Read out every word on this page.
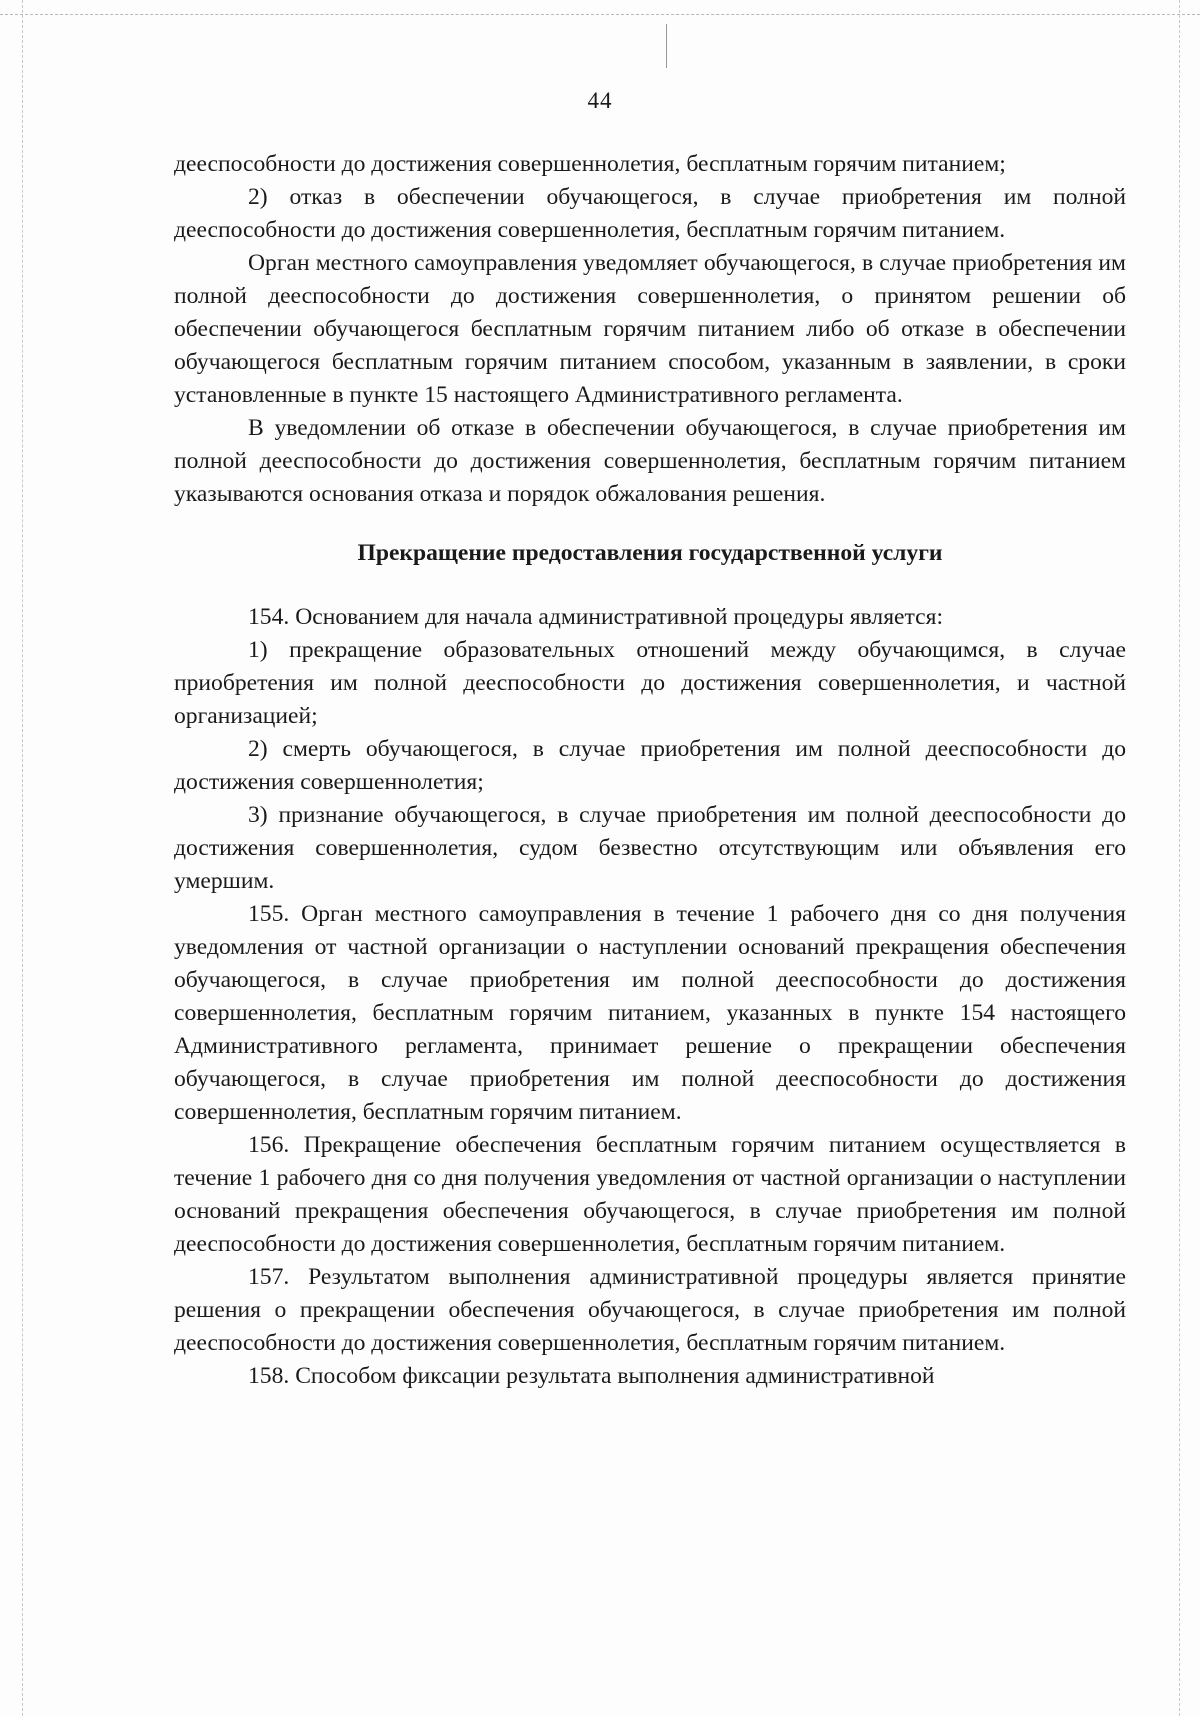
44

дееспособности до достижения совершеннолетия, бесплатным горячим питанием;

2) отказ в обеспечении обучающегося, в случае приобретения им полной дееспособности до достижения совершеннолетия, бесплатным горячим питанием.

Орган местного самоуправления уведомляет обучающегося, в случае приобретения им полной дееспособности до достижения совершеннолетия, о принятом решении об обеспечении обучающегося бесплатным горячим питанием либо об отказе в обеспечении обучающегося бесплатным горячим питанием способом, указанным в заявлении, в сроки установленные в пункте 15 настоящего Административного регламента.

В уведомлении об отказе в обеспечении обучающегося, в случае приобретения им полной дееспособности до достижения совершеннолетия, бесплатным горячим питанием указываются основания отказа и порядок обжалования решения.

Прекращение предоставления государственной услуги

154. Основанием для начала административной процедуры является:

1) прекращение образовательных отношений между обучающимся, в случае приобретения им полной дееспособности до достижения совершеннолетия, и частной организацией;

2) смерть обучающегося, в случае приобретения им полной дееспособности до достижения совершеннолетия;

3) признание обучающегося, в случае приобретения им полной дееспособности до достижения совершеннолетия, судом безвестно отсутствующим или объявления его умершим.

155. Орган местного самоуправления в течение 1 рабочего дня со дня получения уведомления от частной организации о наступлении оснований прекращения обеспечения обучающегося, в случае приобретения им полной дееспособности до достижения совершеннолетия, бесплатным горячим питанием, указанных в пункте 154 настоящего Административного регламента, принимает решение о прекращении обеспечения обучающегося, в случае приобретения им полной дееспособности до достижения совершеннолетия, бесплатным горячим питанием.

156. Прекращение обеспечения бесплатным горячим питанием осуществляется в течение 1 рабочего дня со дня получения уведомления от частной организации о наступлении оснований прекращения обеспечения обучающегося, в случае приобретения им полной дееспособности до достижения совершеннолетия, бесплатным горячим питанием.

157. Результатом выполнения административной процедуры является принятие решения о прекращении обеспечения обучающегося, в случае приобретения им полной дееспособности до достижения совершеннолетия, бесплатным горячим питанием.

158. Способом фиксации результата выполнения административной
